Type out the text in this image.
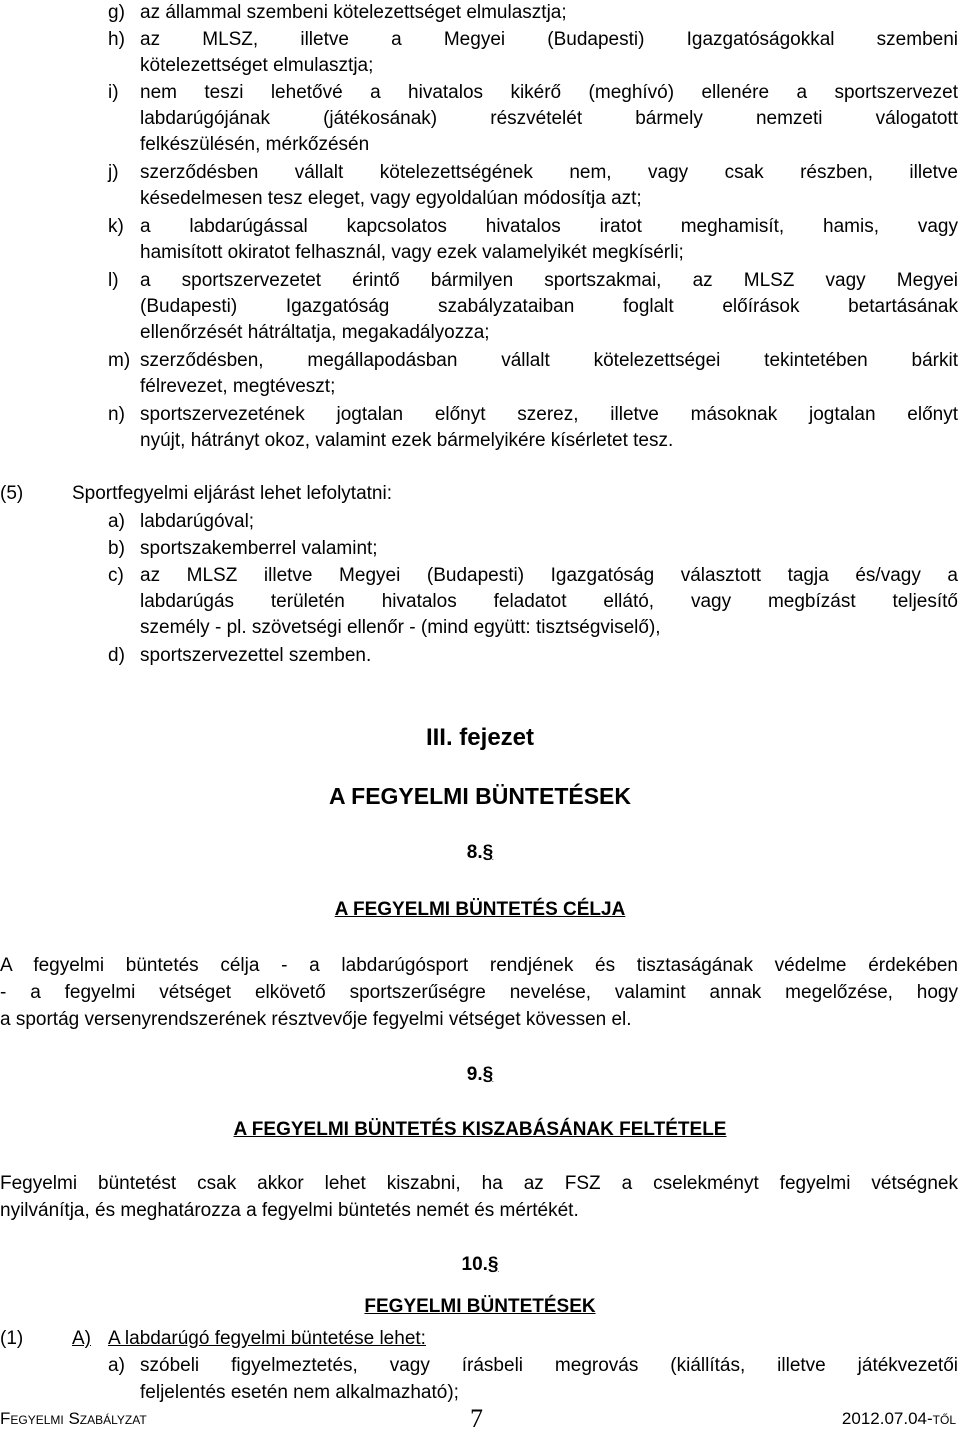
g) az állammal szembeni kötelezettséget elmulasztja;
h) az MLSZ, illetve a Megyei (Budapesti) Igazgatóságokkal szembeni
kötelezettséget elmulasztja;
i) nem teszi lehetővé a hivatalos kikérő (meghívó) ellenére a sportszervezet
labdarúgójának (játékosának) részvételét bármely nemzeti válogatott
felkészülésén, mérkőzésén
j) szerződésben vállalt kötelezettségének nem, vagy csak részben, illetve
késedelmesen tesz eleget, vagy egyoldalúan módosítja azt;
k) a labdarúgással kapcsolatos hivatalos iratot meghamisít, hamis, vagy
hamisított okiratot felhasznál, vagy ezek valamelyikét megkísérli;
l) a sportszervezetet érintő bármilyen sportszakmai, az MLSZ vagy Megyei
(Budapesti) Igazgatóság szabályzataiban foglalt előírások betartásának
ellenőrzését hátráltatja, megakadályozza;
m) szerződésben, megállapodásban vállalt kötelezettségei tekintetében bárkit
félrevezet, megtéveszt;
n) sportszervezetének jogtalan előnyt szerez, illetve másoknak jogtalan előnyt
nyújt, hátrányt okoz, valamint ezek bármelyikére kísérletet tesz.
(5)	Sportfegyelmi eljárást lehet lefolytatni:
a) labdarúgóval;
b) sportszakemberrel valamint;
c) az MLSZ illetve Megyei (Budapesti) Igazgatóság választott tagja és/vagy a
labdarúgás területén hivatalos feladatot ellátó, vagy megbízást teljesítő
személy - pl. szövetségi ellenőr - (mind együtt: tisztségviselő),
d) sportszervezettel szemben.
III. fejezet
A FEGYELMI BÜNTETÉSEK
8.§
A FEGYELMI BÜNTETÉS CÉLJA
A fegyelmi büntetés célja - a labdarúgósport rendjének és tisztaságának védelme érdekében
- a fegyelmi vétséget elkövető sportszerűségre nevelése, valamint annak megelőzése, hogy
a sportág versenyrendszerének résztvevője fegyelmi vétséget kövessen el.
9.§
A FEGYELMI BÜNTETÉS KISZABÁSÁNAK FELTÉTELE
Fegyelmi büntetést csak akkor lehet kiszabni, ha az FSZ a cselekményt fegyelmi vétségnek
nyilvánítja, és meghatározza a fegyelmi büntetés nemét és mértékét.
10.§
FEGYELMI BÜNTETÉSEK
(1)	A) A labdarúgó fegyelmi büntetése lehet:
a) szóbeli figyelmeztetés, vagy írásbeli megrovás (kiállítás, illetve játékvezetői
feljelentés esetén nem alkalmazható);
Fegyelmi Szabályzat	7	2012.07.04-től
